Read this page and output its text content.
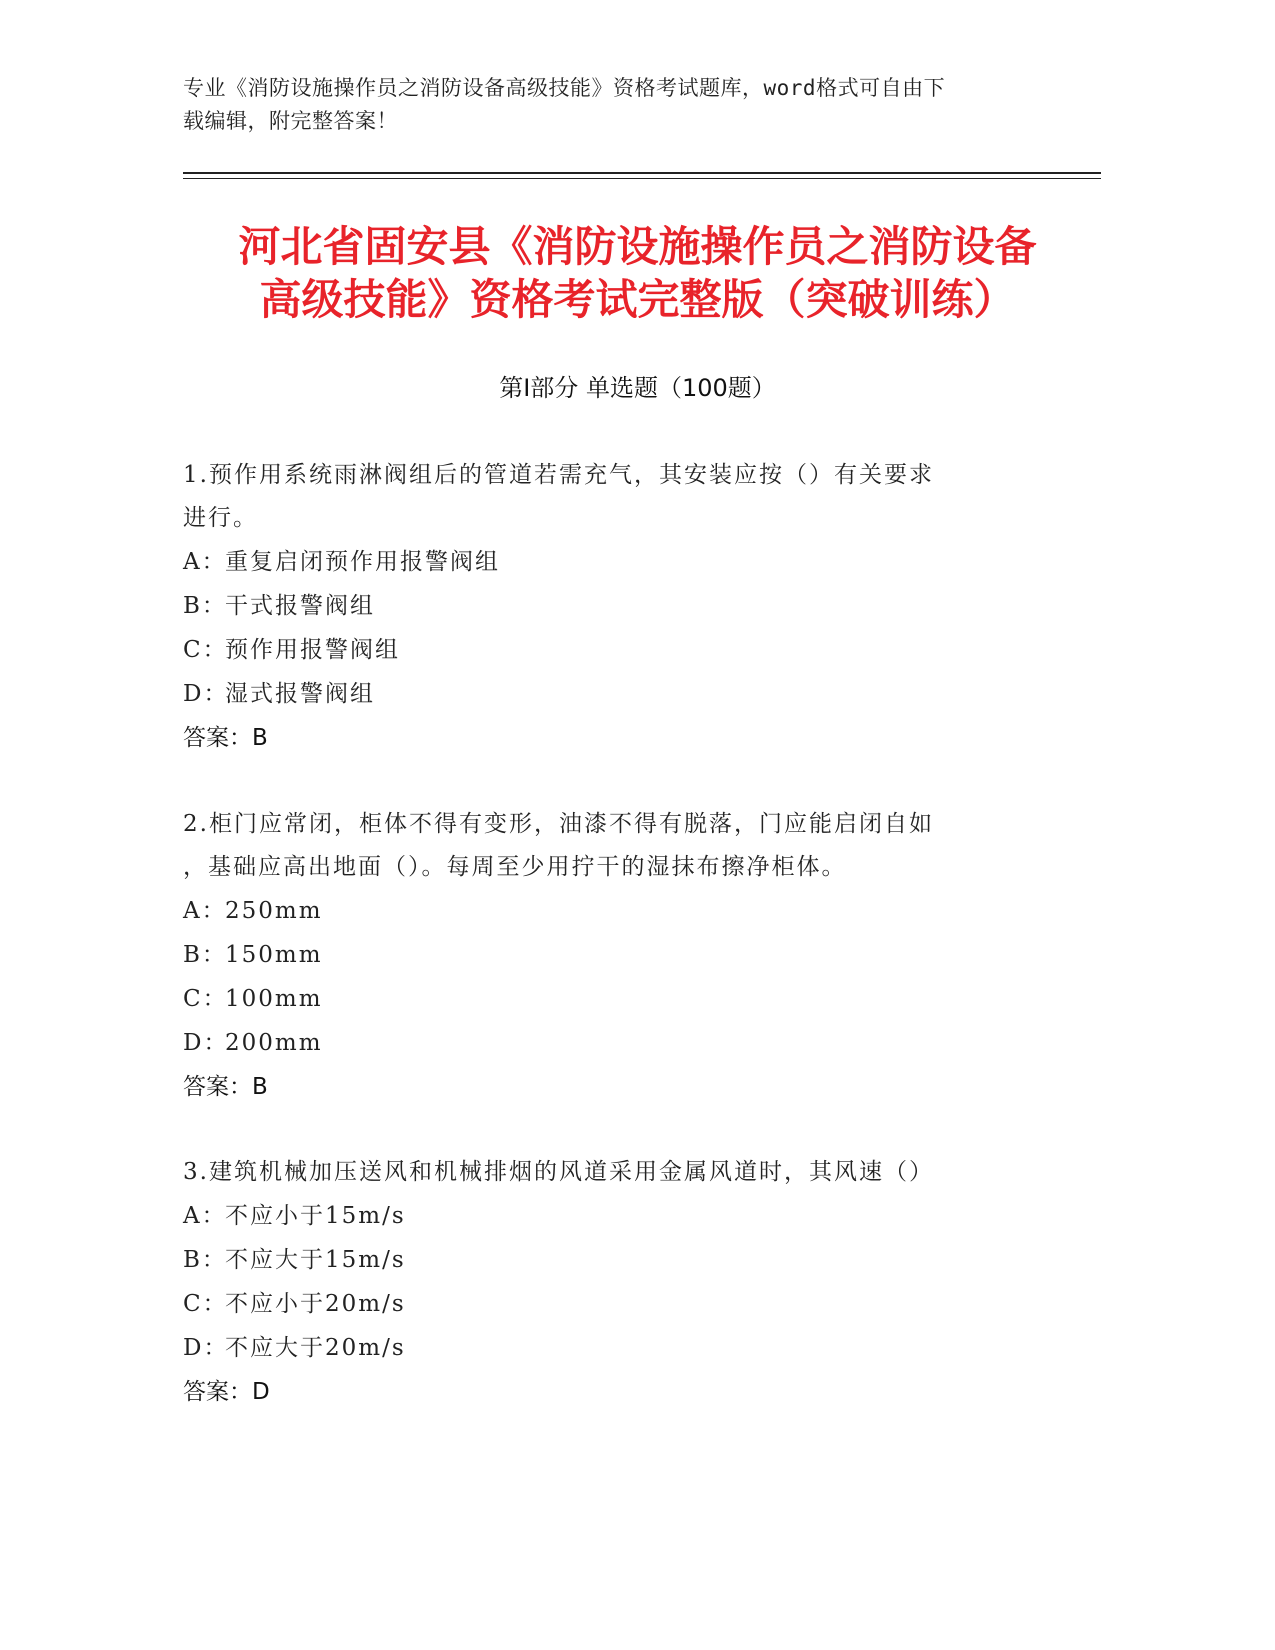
专业《消防设施操作员之消防设备高级技能》资格考试题库，word格式可自由下
载编辑，附完整答案！
河北省固安县《消防设施操作员之消防设备
高级技能》资格考试完整版（突破训练）
第Ⅰ部分 单选题（100题）

1.预作用系统雨淋阀组后的管道若需充气，其安装应按（）有关要求

进行。

A：重复启闭预作用报警阀组

B：干式报警阀组

C：预作用报警阀组

D：湿式报警阀组

答案：B

2.柜门应常闭，柜体不得有变形，油漆不得有脱落，门应能启闭自如

，基础应高出地面（）。每周至少用拧干的湿抹布擦净柜体。

A：250mm

B：150mm

C：100mm

D：200mm

答案：B

3.建筑机械加压送风和机械排烟的风道采用金属风道时，其风速（）

A：不应小于15m/s

B：不应大于15m/s

C：不应小于20m/s

D：不应大于20m/s

答案：D
